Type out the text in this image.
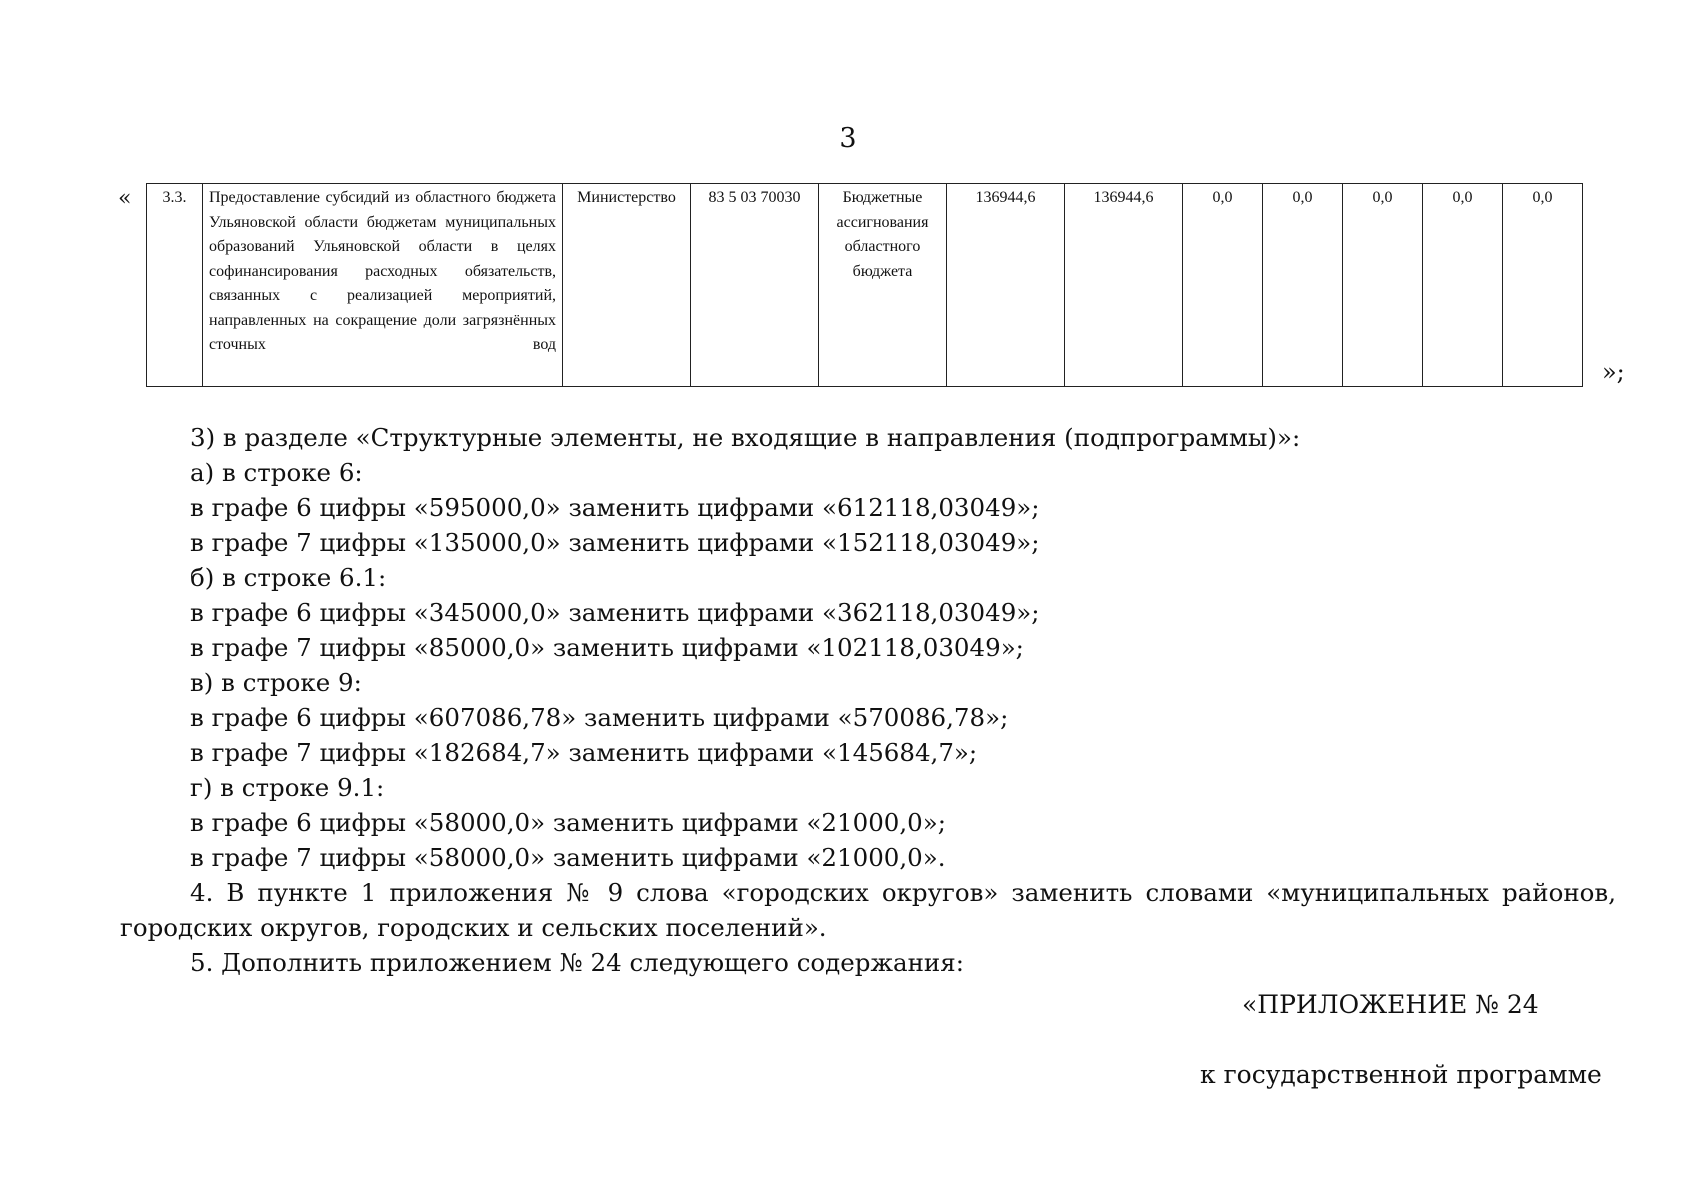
3
« 3.3.	Предоставление субсидий из областного бюджета Ульяновской области бюджетам муниципальных образований Ульяновской области в целях софинансирования расходных обязательств, связанных с реализацией мероприятий, направленных на сокращение доли загрязнённых сточных вод	Министерство	83 5 03 70030	Бюджетные ассигнования областного бюджета	136944,6	136944,6	0,0	0,0	0,0	0,0	0,0
»;

3) в разделе «Структурные элементы, не входящие в направления (подпрограммы)»:

а) в строке 6:

в графе 6 цифры «595000,0» заменить цифрами «612118,03049»;

в графе 7 цифры «135000,0» заменить цифрами «152118,03049»;

б) в строке 6.1:

в графе 6 цифры «345000,0» заменить цифрами «362118,03049»;

в графе 7 цифры «85000,0» заменить цифрами «102118,03049»;

в) в строке 9:

в графе 6 цифры «607086,78» заменить цифрами «570086,78»;

в графе 7 цифры «182684,7» заменить цифрами «145684,7»;

г) в строке 9.1:

в графе 6 цифры «58000,0» заменить цифрами «21000,0»;

в графе 7 цифры «58000,0» заменить цифрами «21000,0».

4. В пункте 1 приложения № 9 слова «городских округов» заменить словами «муниципальных районов, городских округов, городских и сельских поселений».

5. Дополнить приложением № 24 следующего содержания:

«ПРИЛОЖЕНИЕ № 24
к государственной программе
